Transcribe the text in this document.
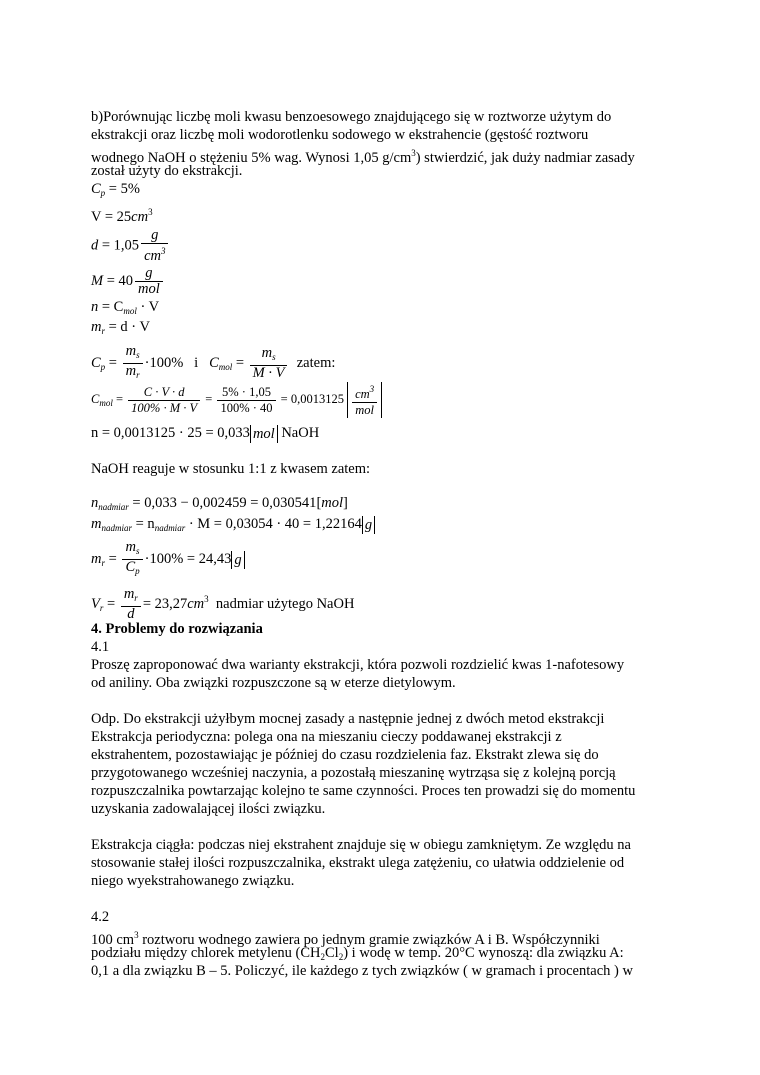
b)Porównując liczbę moli kwasu benzoesowego znajdującego się w roztworze użytym do
ekstrakcji oraz liczbę moli wodorotlenku sodowego w ekstrahencie (gęstość roztworu
wodnego NaOH o stężeniu 5% wag. Wynosi 1,05 $g/cm^3$) stwierdzić, jak duży nadmiar zasady
został użyty do ekstrakcji.
$C_p = 5\%$
$V = 25cm^3$
$d = 1,05 \frac{g}{cm^3}$
$M = 40 \frac{g}{\text{mol}}$
$n = C_{mol} \cdot V$
$m_r = d \cdot V$
$C_p = \frac{m_s}{m_r} \cdot 100\%$ i $C_{mol} = \frac{m_s}{M \cdot V}$ zatem:
$C_{mol} = \frac{C \cdot V \cdot d}{100\% \cdot M \cdot V} = \frac{5\% \cdot 1,05}{100\% \cdot 40} = 0,0013125 \frac{cm^3}{\text{mol}}$
n = 0,0013125 · 25 = 0,033 mol NaOH
NaOH reaguje w stosunku 1:1 z kwasem zatem:
$n_{nadmiar} = 0,033 - 0,002459 = 0,030541[mol]$
$m_{nadmiar} = n_{nadmiar} \cdot M = 0,03054 \cdot 40 = 1,22164$ g
$m_r = \frac{m_s}{C_p} \cdot 100\% = 24,43$ g
$V_r = \frac{m_r}{d} = 23,27cm^3$ nadmiar użytego NaOH
4. Problemy do rozwiązania
4.1
Proszę zaproponować dwa warianty ekstrakcji, która pozwoli rozdzielić kwas 1-nafotesowy
od aniliny. Oba związki rozpuszczone są w eterze dietylowym.
Odp. Do ekstrakcji użyłbym mocnej zasady a następnie jednej z dwóch metod ekstrakcji
Ekstrakcja periodyczna: polega ona na mieszaniu cieczy poddawanej ekstrakcji z
ekstrahentem, pozostawiając je później do czasu rozdzielenia faz. Ekstrakt zlewa się do
przygotowanego wcześniej naczynia, a pozostałą mieszaninę wytrząsa się z kolejną porcją
rozpuszczalnika powtarzając kolejno te same czynności. Proces ten prowadzi się do momentu
uzyskania zadowalającej ilości związku.
Ekstrakcja ciągła: podczas niej ekstrahent znajduje się w obiegu zamkniętym. Ze względu na
stosowanie stałej ilości rozpuszczalnika, ekstrakt ulega zatężeniu, co ułatwia oddzielenie od
niego wyekstrahowanego związku.
4.2
100 $cm^3$ roztworu wodnego zawiera po jednym gramie związków A i B. Współczynniki
podziału między chlorek metylenu $(CH_2Cl_2)$ i wodę w temp. 20°C wynoszą: dla związku A:
0,1 a dla związku B – 5. Policzyć, ile każdego z tych związków ( w gramach i procentach ) w
